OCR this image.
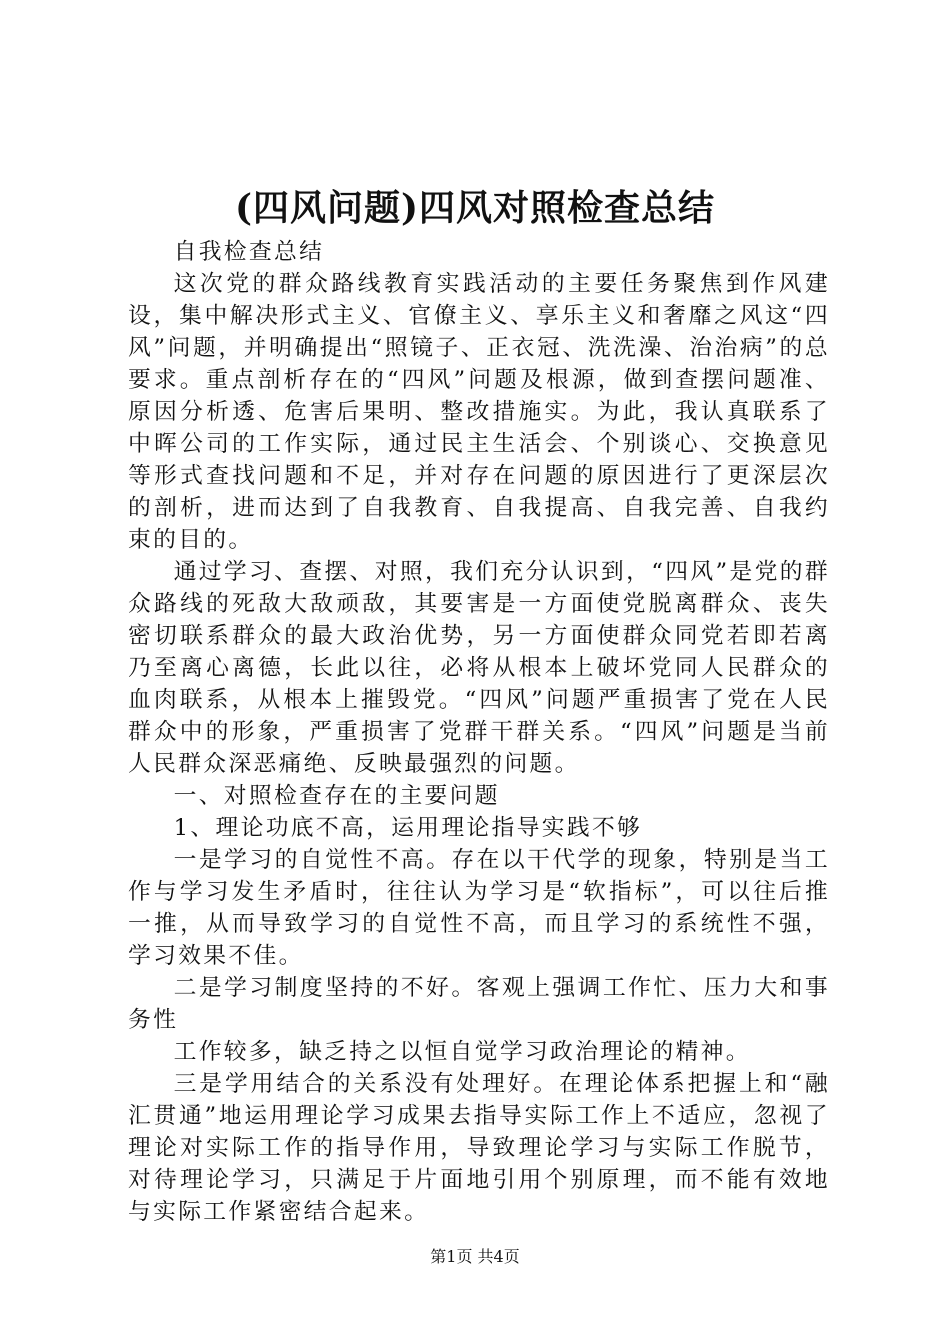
(四风问题)四风对照检查总结

自我检查总结

这次党的群众路线教育实践活动的主要任务聚焦到作风建设，集中解决形式主义、官僚主义、享乐主义和奢靡之风这“四风”问题，并明确提出“照镜子、正衣冠、洗洗澡、治治病”的总要求。重点剖析存在的“四风”问题及根源，做到查摆问题准、原因分析透、危害后果明、整改措施实。为此，我认真联系了中晖公司的工作实际，通过民主生活会、个别谈心、交换意见等形式查找问题和不足，并对存在问题的原因进行了更深层次的剖析，进而达到了自我教育、自我提高、自我完善、自我约束的目的。

通过学习、查摆、对照，我们充分认识到，“四风”是党的群众路线的死敌大敌顽敌，其要害是一方面使党脱离群众、丧失密切联系群众的最大政治优势，另一方面使群众同党若即若离乃至离心离德，长此以往，必将从根本上破坏党同人民群众的血肉联系，从根本上摧毁党。“四风”问题严重损害了党在人民群众中的形象，严重损害了党群干群关系。“四风”问题是当前人民群众深恶痛绝、反映最强烈的问题。

一、对照检查存在的主要问题

1、理论功底不高，运用理论指导实践不够

一是学习的自觉性不高。存在以干代学的现象，特别是当工作与学习发生矛盾时，往往认为学习是“软指标”，可以往后推一推，从而导致学习的自觉性不高，而且学习的系统性不强，学习效果不佳。

二是学习制度坚持的不好。客观上强调工作忙、压力大和事务性

工作较多，缺乏持之以恒自觉学习政治理论的精神。

三是学用结合的关系没有处理好。在理论体系把握上和“融汇贯通”地运用理论学习成果去指导实际工作上不适应，忽视了理论对实际工作的指导作用，导致理论学习与实际工作脱节，对待理论学习，只满足于片面地引用个别原理，而不能有效地与实际工作紧密结合起来。

第1页 共4页
